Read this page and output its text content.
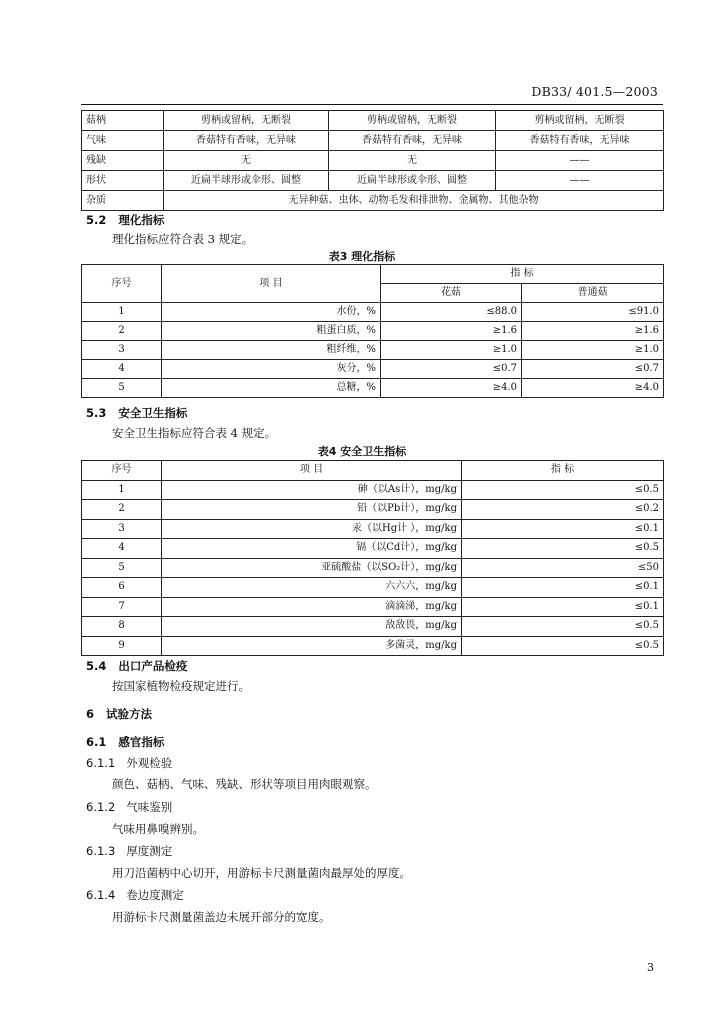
DB33/ 401.5—2003
菇柄	剪柄或留柄，无断裂	剪柄或留柄，无断裂	剪柄或留柄，无断裂
气味	香菇特有香味，无异味	香菇特有香味，无异味	香菇特有香味，无异味
残缺	无	无	——
形状	近扁半球形或伞形、圆整	近扁半球形或伞形、圆整	——
杂质	无异种菇、虫体、动物毛发和排泄物、金属物、其他杂物		
5.2 理化指标
理化指标应符合表 3 规定。
表3 理化指标
序号	项 目	指 标	
		花菇	普通菇
1	水份，%	≤88.0	≤91.0
2	粗蛋白质，%	≥1.6	≥1.6
3	粗纤维，%	≥1.0	≥1.0
4	灰分，%	≤0.7	≤0.7
5	总糖，%	≥4.0	≥4.0
5.3 安全卫生指标
安全卫生指标应符合表 4 规定。
表4 安全卫生指标
序号	项 目	指 标
1	砷（以As计），mg/kg	≤0.5
2	铅（以Pb计），mg/kg	≤0.2
3	汞（以Hg计 ），mg/kg	≤0.1
4	镉（以Cd计），mg/kg	≤0.5
5	亚硫酸盐（以SO₂计），mg/kg	≤50
6	六六六，mg/kg	≤0.1
7	滴滴涕，mg/kg	≤0.1
8	敌敌畏，mg/kg	≤0.5
9	多菌灵，mg/kg	≤0.5
5.4 出口产品检疫
按国家植物检疫规定进行。
6 试验方法
6.1 感官指标
6.1.1 外观检验
颜色、菇柄、气味、残缺、形状等项目用肉眼观察。
6.1.2 气味鉴别
气味用鼻嗅辨别。
6.1.3 厚度测定
用刀沿菌柄中心切开，用游标卡尺测量菌肉最厚处的厚度。
6.1.4 卷边度测定
用游标卡尺测量菌盖边未展开部分的宽度。
3
